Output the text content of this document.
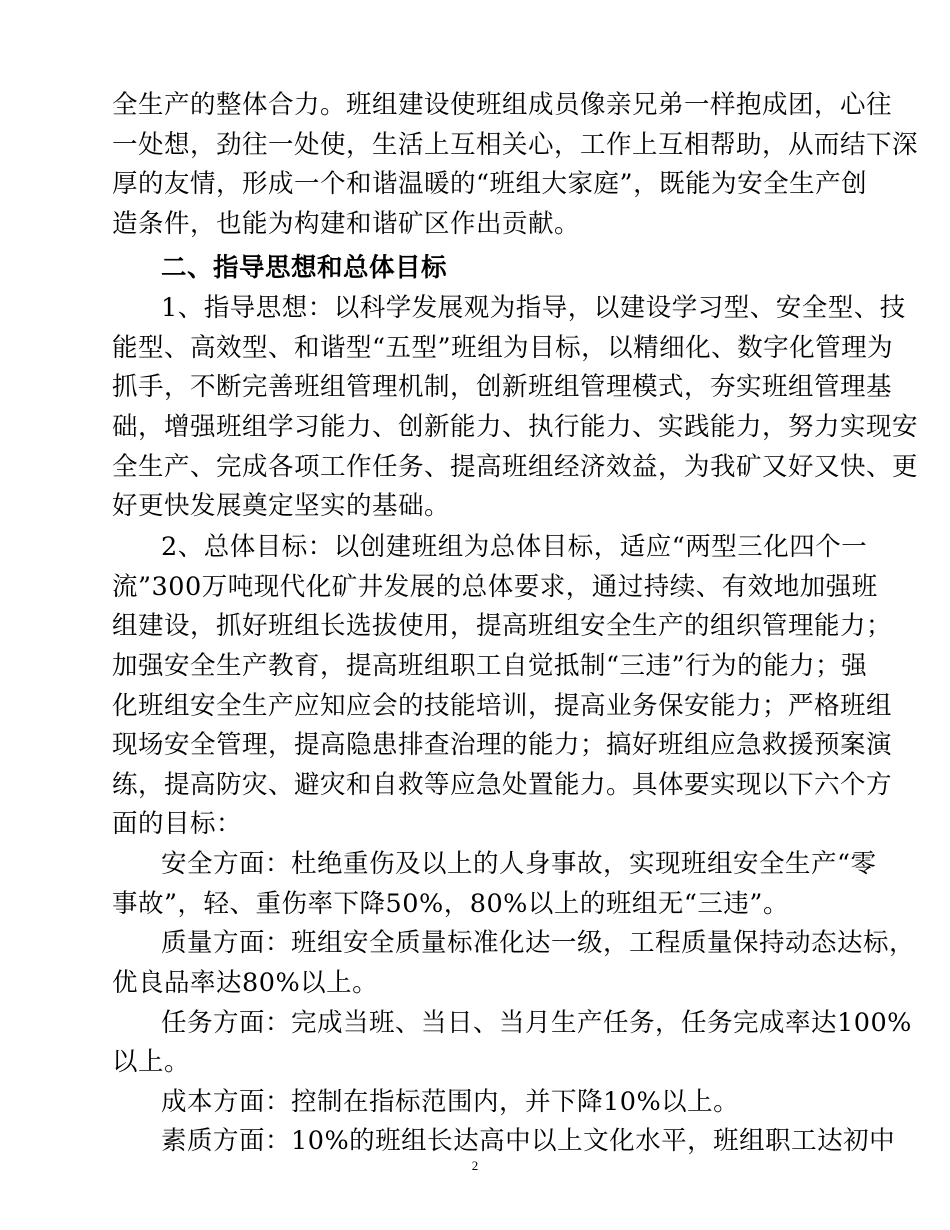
全生产的整体合力。班组建设使班组成员像亲兄弟一样抱成团，心往
一处想，劲往一处使，生活上互相关心，工作上互相帮助，从而结下深
厚的友情，形成一个和谐温暖的“班组大家庭”，既能为安全生产创
造条件，也能为构建和谐矿区作出贡献。
二、指导思想和总体目标
1、指导思想：以科学发展观为指导，以建设学习型、安全型、技
能型、高效型、和谐型“五型”班组为目标，以精细化、数字化管理为
抓手，不断完善班组管理机制，创新班组管理模式，夯实班组管理基
础，增强班组学习能力、创新能力、执行能力、实践能力，努力实现安
全生产、完成各项工作任务、提高班组经济效益，为我矿又好又快、更
好更快发展奠定坚实的基础。
2、总体目标：以创建班组为总体目标，适应“两型三化四个一
流”300万吨现代化矿井发展的总体要求，通过持续、有效地加强班
组建设，抓好班组长选拔使用，提高班组安全生产的组织管理能力；
加强安全生产教育，提高班组职工自觉抵制“三违”行为的能力；强
化班组安全生产应知应会的技能培训，提高业务保安能力；严格班组
现场安全管理，提高隐患排查治理的能力；搞好班组应急救援预案演
练，提高防灾、避灾和自救等应急处置能力。具体要实现以下六个方
面的目标：
安全方面：杜绝重伤及以上的人身事故，实现班组安全生产“零
事故”，轻、重伤率下降50%，80%以上的班组无“三违”。
质量方面：班组安全质量标准化达一级，工程质量保持动态达标，
优良品率达80%以上。
任务方面：完成当班、当日、当月生产任务，任务完成率达100%
以上。
成本方面：控制在指标范围内，并下降10%以上。
素质方面：10%的班组长达高中以上文化水平，班组职工达初中
2
